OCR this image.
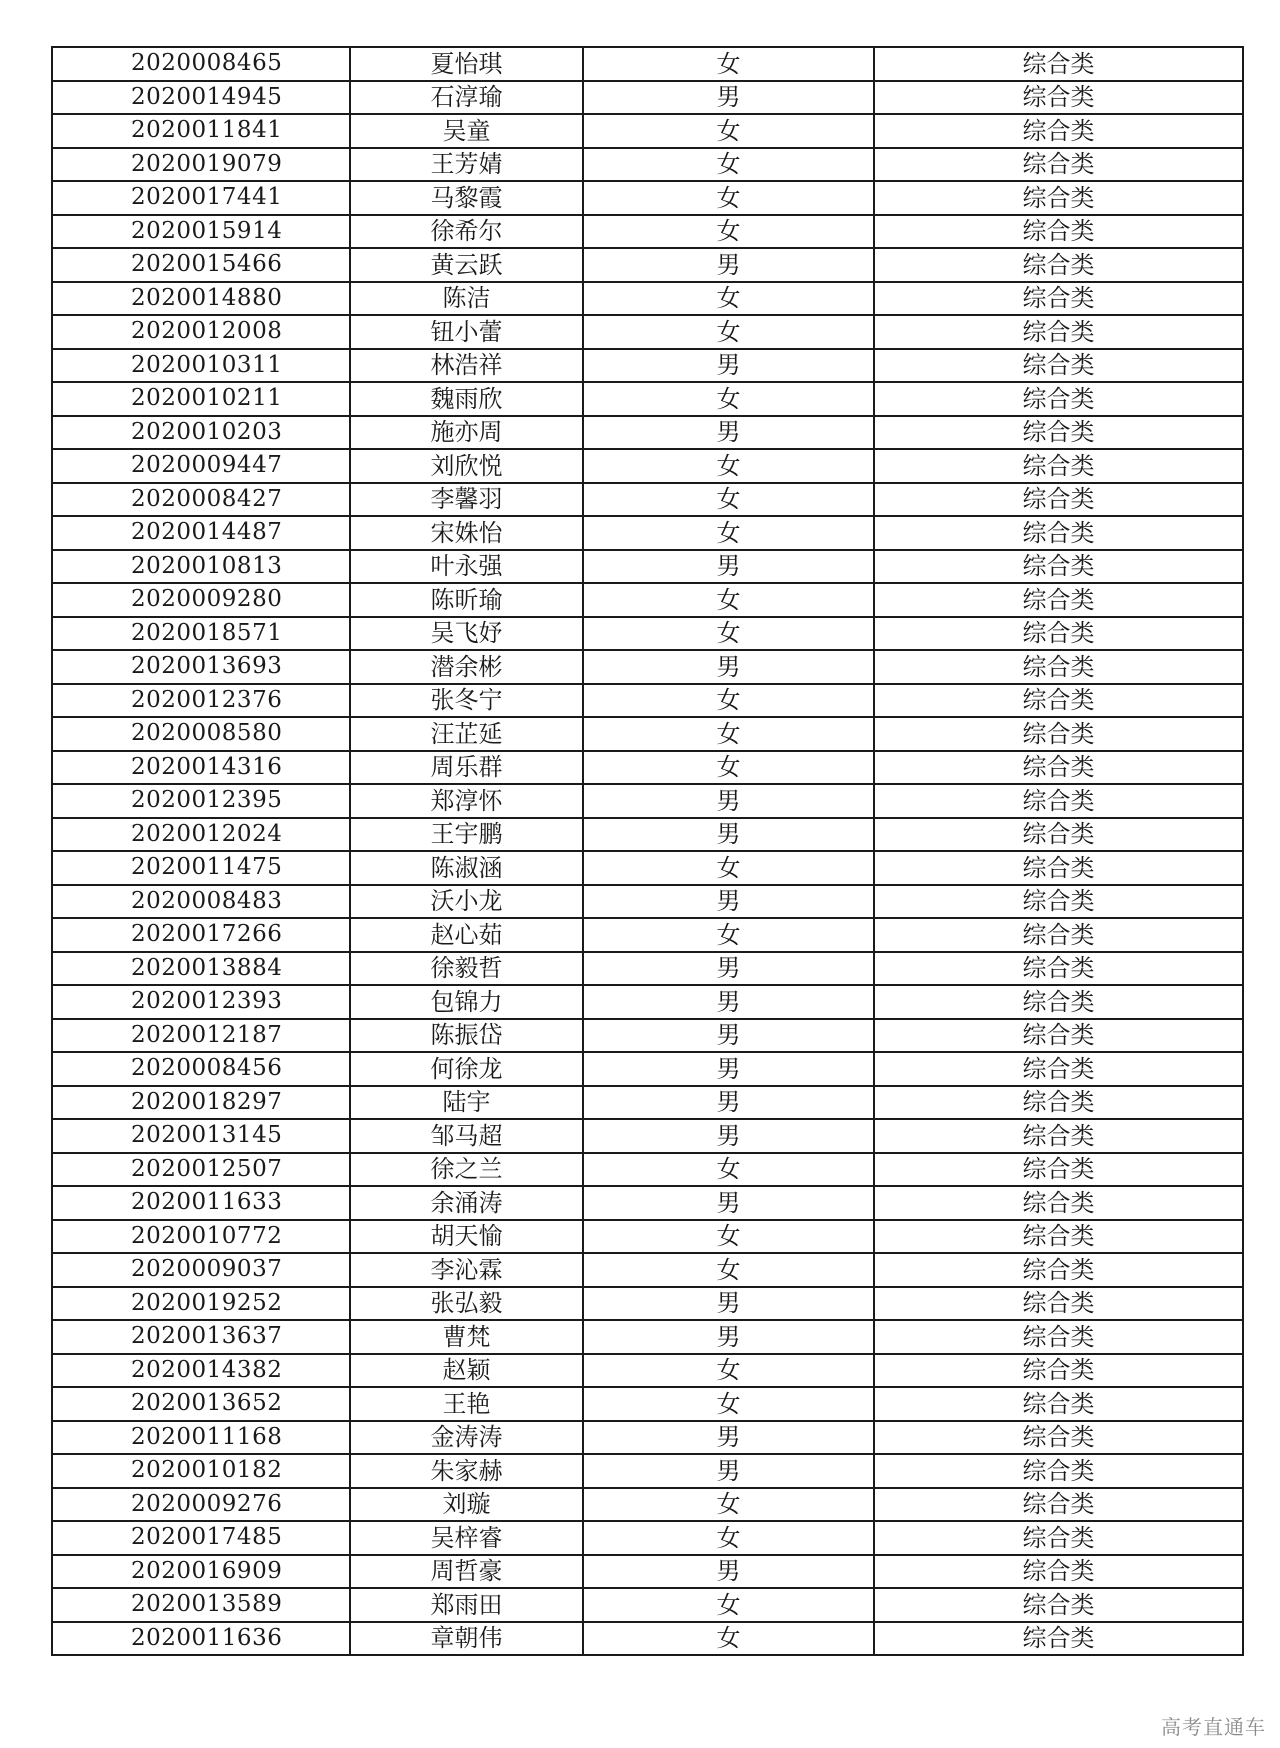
2020008465	夏怡琪	女	综合类
2020014945	石淳瑜	男	综合类
2020011841	吴童	女	综合类
2020019079	王芳婧	女	综合类
2020017441	马黎霞	女	综合类
2020015914	徐希尔	女	综合类
2020015466	黄云跃	男	综合类
2020014880	陈洁	女	综合类
2020012008	钮小蕾	女	综合类
2020010311	林浩祥	男	综合类
2020010211	魏雨欣	女	综合类
2020010203	施亦周	男	综合类
2020009447	刘欣悦	女	综合类
2020008427	李馨羽	女	综合类
2020014487	宋姝怡	女	综合类
2020010813	叶永强	男	综合类
2020009280	陈昕瑜	女	综合类
2020018571	吴飞妤	女	综合类
2020013693	潜余彬	男	综合类
2020012376	张冬宁	女	综合类
2020008580	汪芷延	女	综合类
2020014316	周乐群	女	综合类
2020012395	郑淳怀	男	综合类
2020012024	王宇鹏	男	综合类
2020011475	陈淑涵	女	综合类
2020008483	沃小龙	男	综合类
2020017266	赵心茹	女	综合类
2020013884	徐毅哲	男	综合类
2020012393	包锦力	男	综合类
2020012187	陈振岱	男	综合类
2020008456	何徐龙	男	综合类
2020018297	陆宇	男	综合类
2020013145	邹马超	男	综合类
2020012507	徐之兰	女	综合类
2020011633	余涌涛	男	综合类
2020010772	胡天愉	女	综合类
2020009037	李沁霖	女	综合类
2020019252	张弘毅	男	综合类
2020013637	曹梵	男	综合类
2020014382	赵颖	女	综合类
2020013652	王艳	女	综合类
2020011168	金涛涛	男	综合类
2020010182	朱家赫	男	综合类
2020009276	刘璇	女	综合类
2020017485	吴梓睿	女	综合类
2020016909	周哲豪	男	综合类
2020013589	郑雨田	女	综合类
2020011636	章朝伟	女	综合类
高考直通车
